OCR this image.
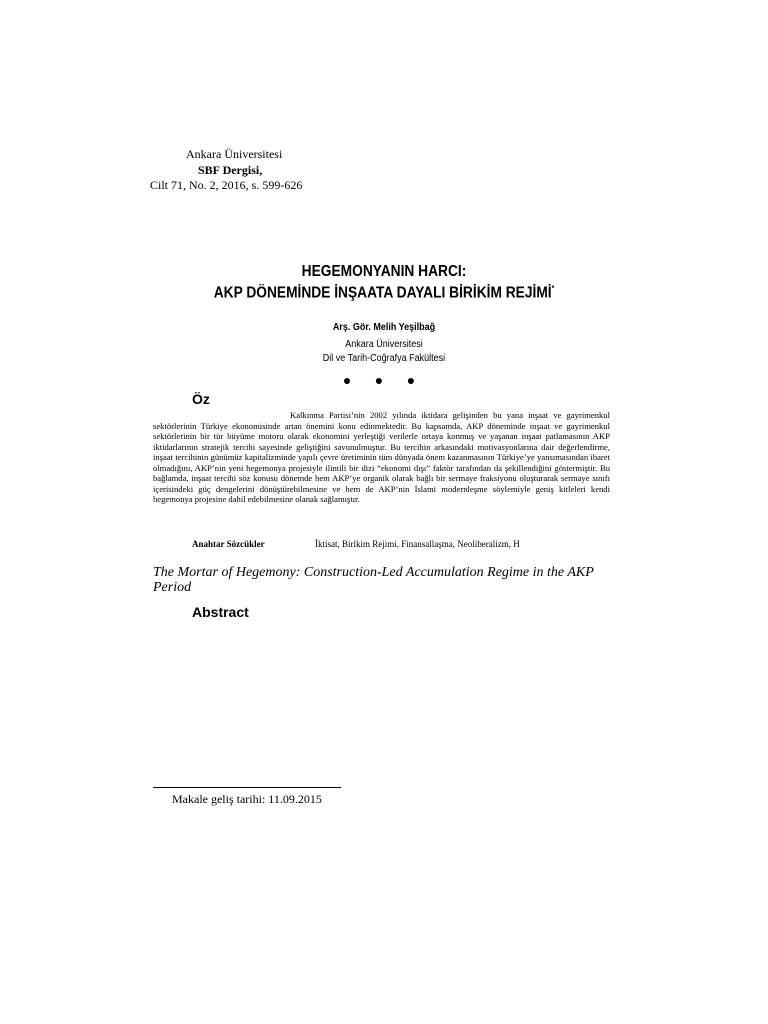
Ankara Üniversitesi
SBF Dergisi,
Cilt 71, No. 2, 2016, s. 599-626
HEGEMONYANIN HARCI:
AKP DÖNEMİNDE İNŞAATA DAYALI BİRİKİM REJİMİ*
Arş. Gör. Melih Yeşilbağ
Ankara Üniversitesi
Dil ve Tarih-Coğrafya Fakültesi
● ● ●
Öz
Kalkınma Partisi’nin 2002 yılında iktidara gelişinden bu yana inşaat ve gayrimenkul sektörlerinin Türkiye ekonomisinde artan önemini konu edinmektedir. Bu kapsamda, AKP döneminde inşaat ve gayrimenkul sektörlerinin bir tür büyüme motoru olarak ekonomini yerleştiği verilerle ortaya konmuş ve yaşanan inşaat patlamasının AKP iktidarlarının stratejik tercihi sayesinde geliştiğini savunulmuştur. Bu tercihin arkasındaki motivasyonlarına dair değerlendirme, inşaat tercihinin günümüz kapitalizminde yapılı çevre üretiminin tüm dünyada önem kazanmasının Türkiye’ye yansımasından ibaret olmadığını, AKP’nin yeni hegemonya projesiyle ilintili bir dizi “ekonomi dışı” faktör tarafından da şekillendiğini göstermiştir. Bu bağlamda, inşaat tercihi söz konusu dönemde hem AKP’ye organik olarak bağlı bir sermaye fraksiyonu oluşturarak sermaye sınıfı içerisindeki güç dengelerini dönüştürebilmesine ve hem de AKP’nin İslami modernleşme söylemiyle geniş kitleleri kendi hegemonya projesine dahil edebilmesine olanak sağlamıştır.
Anahtar Sözcükler	İktisat, Birikim Rejimi, Finansallaşma, Neoliberalizm, H
The Mortar of Hegemony: Construction-Led Accumulation Regime in the AKP Period
Abstract
Makale geliş tarihi: 11.09.2015
